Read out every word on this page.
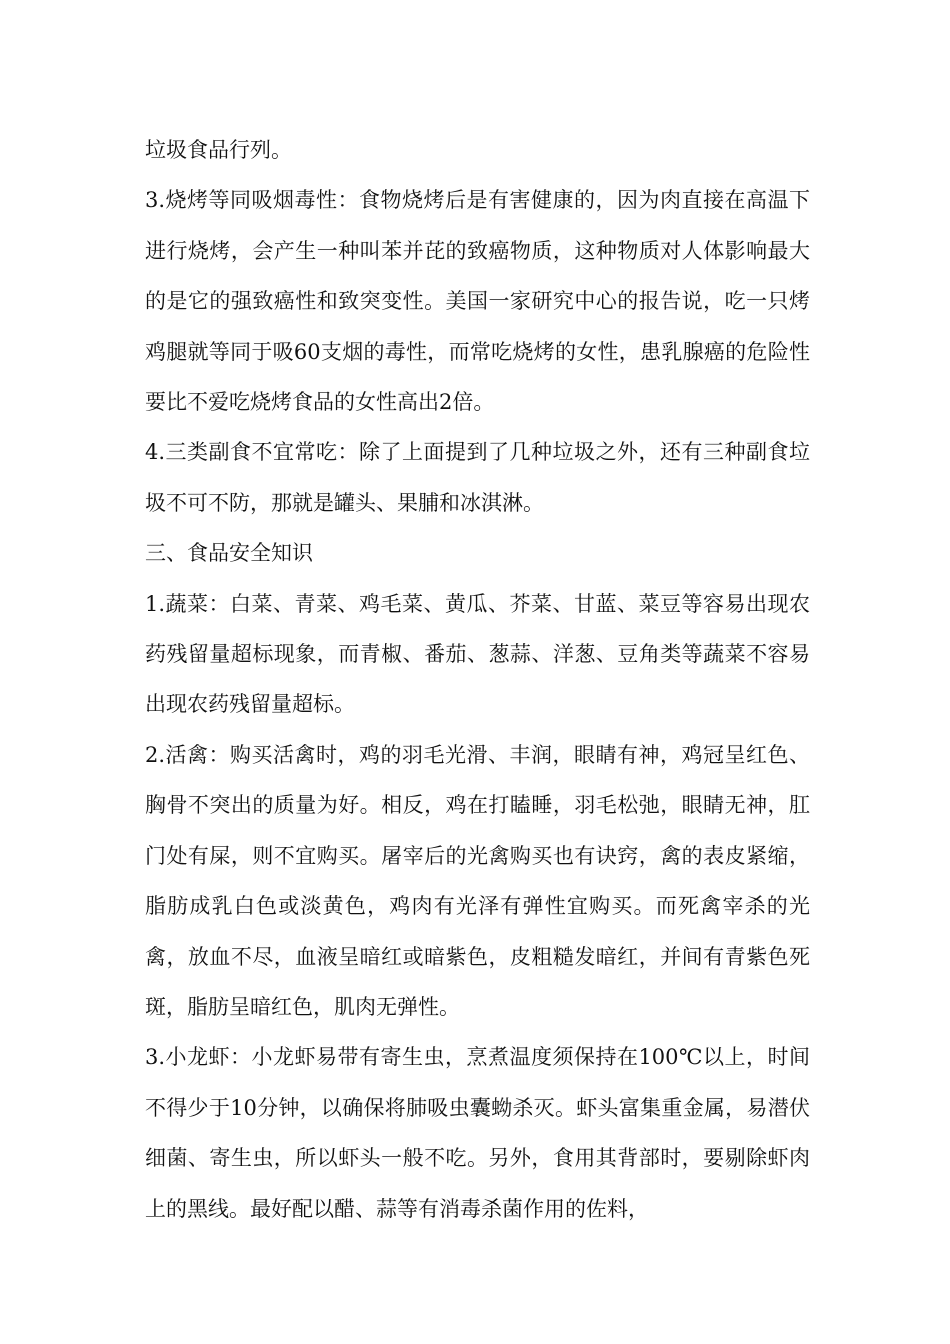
垃圾食品行列。

3.烧烤等同吸烟毒性：食物烧烤后是有害健康的，因为肉直接在高温下进行烧烤，会产生一种叫苯并芘的致癌物质，这种物质对人体影响最大的是它的强致癌性和致突变性。美国一家研究中心的报告说，吃一只烤鸡腿就等同于吸60支烟的毒性，而常吃烧烤的女性，患乳腺癌的危险性要比不爱吃烧烤食品的女性高出2倍。

4.三类副食不宜常吃：除了上面提到了几种垃圾之外，还有三种副食垃圾不可不防，那就是罐头、果脯和冰淇淋。

三、食品安全知识

1.蔬菜：白菜、青菜、鸡毛菜、黄瓜、芥菜、甘蓝、菜豆等容易出现农药残留量超标现象，而青椒、番茄、葱蒜、洋葱、豆角类等蔬菜不容易出现农药残留量超标。

2.活禽：购买活禽时，鸡的羽毛光滑、丰润，眼睛有神，鸡冠呈红色、胸骨不突出的质量为好。相反，鸡在打瞌睡，羽毛松弛，眼睛无神，肛门处有屎，则不宜购买。屠宰后的光禽购买也有诀窍，禽的表皮紧缩，脂肪成乳白色或淡黄色，鸡肉有光泽有弹性宜购买。而死禽宰杀的光禽，放血不尽，血液呈暗红或暗紫色，皮粗糙发暗红，并间有青紫色死斑，脂肪呈暗红色，肌肉无弹性。

3.小龙虾：小龙虾易带有寄生虫，烹煮温度须保持在100℃以上，时间不得少于10分钟，以确保将肺吸虫囊蚴杀灭。虾头富集重金属，易潜伏细菌、寄生虫，所以虾头一般不吃。另外，食用其背部时，要剔除虾肉上的黑线。最好配以醋、蒜等有消毒杀菌作用的佐料，
